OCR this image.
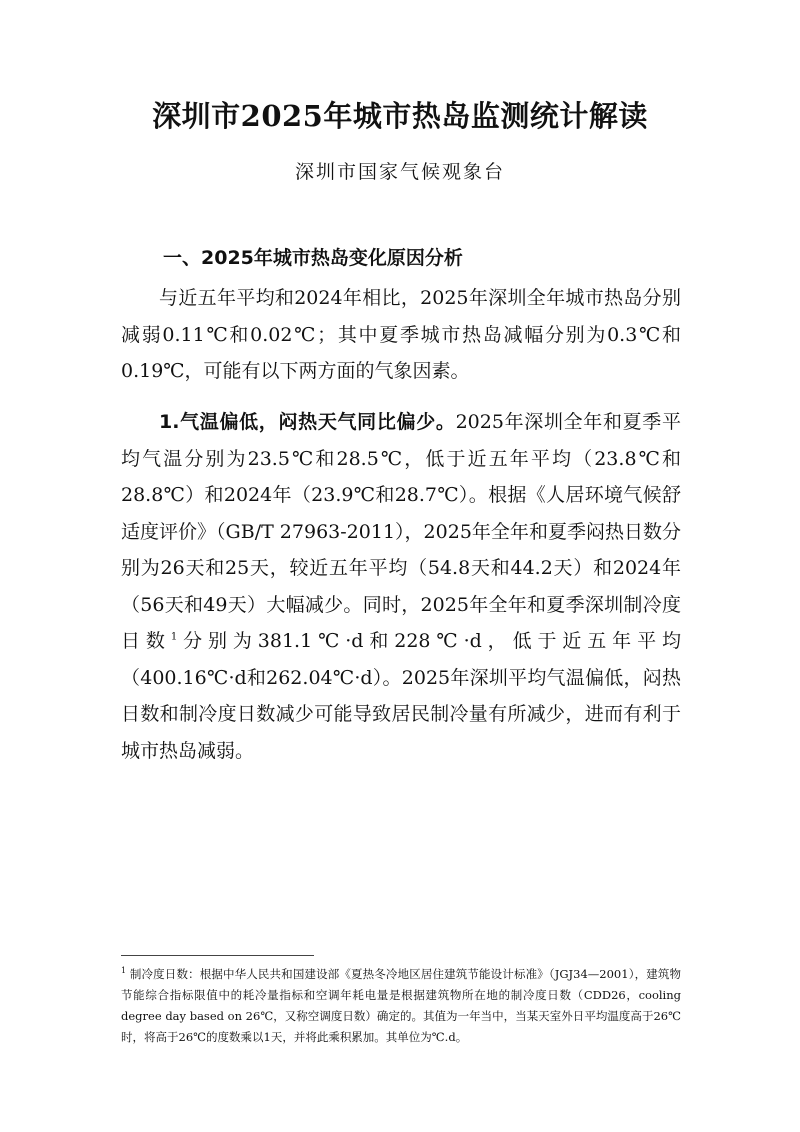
深圳市2025年城市热岛监测统计解读
深圳市国家气候观象台
一、2025年城市热岛变化原因分析

与近五年平均和2024年相比，2025年深圳全年城市热岛分别减弱0.11℃和0.02℃；其中夏季城市热岛减幅分别为0.3℃和0.19℃，可能有以下两方面的气象因素。

1.气温偏低，闷热天气同比偏少。2025年深圳全年和夏季平均气温分别为23.5℃和28.5℃，低于近五年平均（23.8℃和28.8℃）和2024年（23.9℃和28.7℃）。根据《人居环境气候舒适度评价》（GB/T 27963-2011），2025年全年和夏季闷热日数分别为26天和25天，较近五年平均（54.8天和44.2天）和2024年（56天和49天）大幅减少。同时，2025年全年和夏季深圳制冷度日数$^1$分别为381.1℃·d和228℃·d，低于近五年平均（400.16℃·d和262.04℃·d）。2025年深圳平均气温偏低，闷热日数和制冷度日数减少可能导致居民制冷量有所减少，进而有利于城市热岛减弱。

$^1$ 制冷度日数：根据中华人民共和国建设部《夏热冬冷地区居住建筑节能设计标准》（JGJ34—2001），建筑物节能综合指标限值中的耗冷量指标和空调年耗电量是根据建筑物所在地的制冷度日数（CDD26，cooling degree day based on 26℃，又称空调度日数）确定的。其值为一年当中，当某天室外日平均温度高于26℃时，将高于26℃的度数乘以1天，并将此乘积累加。其单位为℃.d。
